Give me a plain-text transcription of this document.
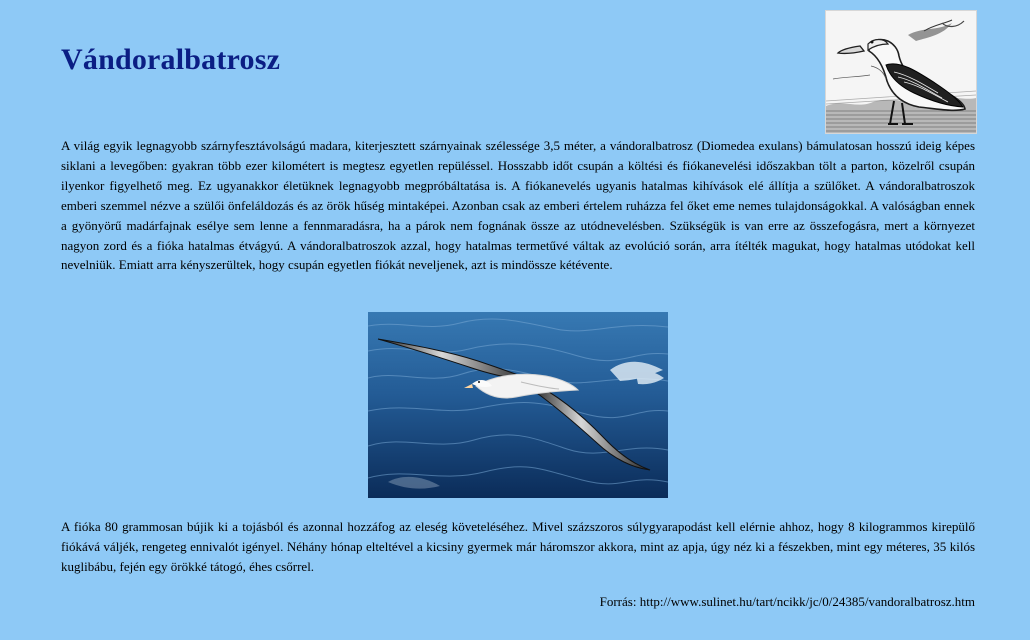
Vándoralbatrosz

A világ egyik legnagyobb szárnyfesztávolságú madara, kiterjesztett szárnyainak szélessége 3,5 méter, a vándoralbatrosz (Diomedea exulans) bámulatosan hosszú ideig képes siklani a levegőben: gyakran több ezer kilométert is megtesz egyetlen repüléssel. Hosszabb időt csupán a költési és fiókanevelési időszakban tölt a parton, közelről csupán ilyenkor figyelhető meg. Ez ugyanakkor életüknek legnagyobb megpróbáltatása is. A fiókanevelés ugyanis hatalmas kihívások elé állítja a szülőket. A vándoralbatroszok emberi szemmel nézve a szülői önfeláldozás és az örök hűség mintaképei. Azonban csak az emberi értelem ruházza fel őket eme nemes tulajdonságokkal. A valóságban ennek a gyönyörű madárfajnak esélye sem lenne a fennmaradásra, ha a párok nem fognának össze az utódnevelésben. Szükségük is van erre az összefogásra, mert a környezet nagyon zord és a fióka hatalmas étvágyú. A vándoralbatroszok azzal, hogy hatalmas termetűvé váltak az evolúció során, arra ítélték magukat, hogy hatalmas utódokat kell nevelniük. Emiatt arra kényszerültek, hogy csupán egyetlen fiókát neveljenek, azt is mindössze kétévente.

A fióka 80 grammosan bújik ki a tojásból és azonnal hozzáfog az eleség követeléséhez. Mivel százszoros súlygyarapodást kell elérnie ahhoz, hogy 8 kilogrammos kirepülő fiókává váljék, rengeteg ennivalót igényel. Néhány hónap elteltével a kicsiny gyermek már háromszor akkora, mint az apja, úgy néz ki a fészekben, mint egy méteres, 35 kilós kuglibábu, fején egy örökké tátogó, éhes csőrrel.

Forrás: http://www.sulinet.hu/tart/ncikk/jc/0/24385/vandoralbatrosz.htm
